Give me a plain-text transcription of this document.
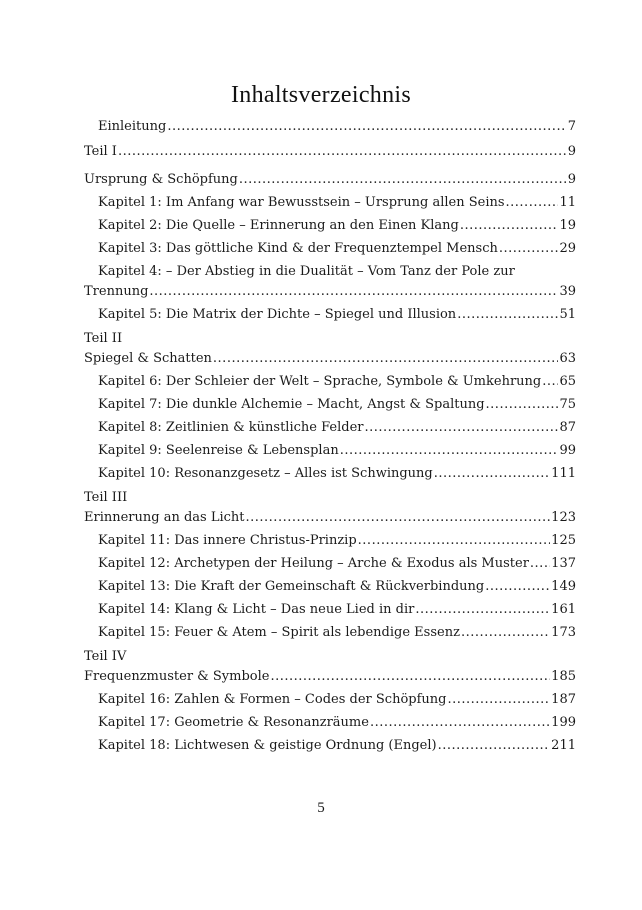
Inhaltsverzeichnis
Einleitung .....	7
Teil I .....	9
Ursprung & Schöpfung .....	9
Kapitel 1: Im Anfang war Bewusstsein – Ursprung allen Seins .....	11
Kapitel 2: Die Quelle – Erinnerung an den Einen Klang .....	19
Kapitel 3: Das göttliche Kind & der Frequenztempel Mensch .....	29
Kapitel 4: – Der Abstieg in die Dualität – Vom Tanz der Pole zur
Trennung .....	39
Kapitel 5: Die Matrix der Dichte – Spiegel und Illusion .....	51
Teil II
Spiegel & Schatten .....	63
Kapitel 6: Der Schleier der Welt – Sprache, Symbole & Umkehrung ..... 65
Kapitel 7: Die dunkle Alchemie – Macht, Angst & Spaltung .....	75
Kapitel 8: Zeitlinien & künstliche Felder .....	87
Kapitel 9: Seelenreise & Lebensplan .....	99
Kapitel 10: Resonanzgesetz – Alles ist Schwingung .....	111
Teil III
Erinnerung an das Licht .....	123
Kapitel 11: Das innere Christus-Prinzip .....	125
Kapitel 12: Archetypen der Heilung – Arche & Exodus als Muster ..... 137
Kapitel 13: Die Kraft der Gemeinschaft & Rückverbindung .....	149
Kapitel 14: Klang & Licht – Das neue Lied in dir .....	161
Kapitel 15: Feuer & Atem – Spirit als lebendige Essenz .....	173
Teil IV
Frequenzmuster & Symbole .....	185
Kapitel 16: Zahlen & Formen – Codes der Schöpfung .....	187
Kapitel 17: Geometrie & Resonanzräume .....	199
Kapitel 18: Lichtwesen & geistige Ordnung (Engel) .....	211
5
